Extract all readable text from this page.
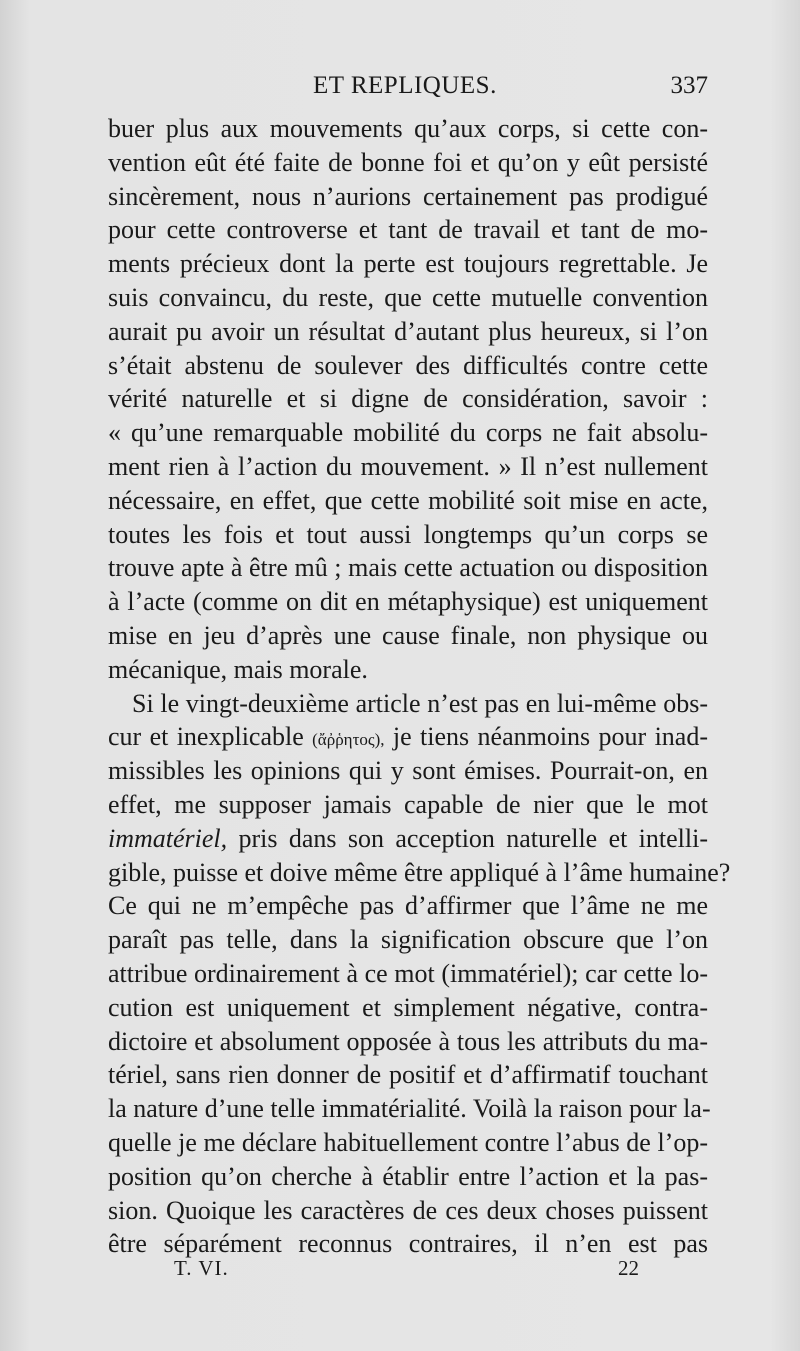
ET REPLIQUES.	337
buer plus aux mouvements qu’aux corps, si cette con-
vention eût été faite de bonne foi et qu’on y eût persisté
sincèrement, nous n’aurions certainement pas prodigué
pour cette controverse et tant de travail et tant de mo-
ments précieux dont la perte est toujours regrettable. Je
suis convaincu, du reste, que cette mutuelle convention
aurait pu avoir un résultat d’autant plus heureux, si l’on
s’était abstenu de soulever des difficultés contre cette
vérité naturelle et si digne de considération, savoir :
« qu’une remarquable mobilité du corps ne fait absolu-
ment rien à l’action du mouvement. » Il n’est nullement
nécessaire, en effet, que cette mobilité soit mise en acte,
toutes les fois et tout aussi longtemps qu’un corps se
trouve apte à être mû ; mais cette actuation ou disposition
à l’acte (comme on dit en métaphysique) est uniquement
mise en jeu d’après une cause finale, non physique ou
mécanique, mais morale.
Si le vingt-deuxième article n’est pas en lui-même obs-
cur et inexplicable (ἄῤῥητος), je tiens néanmoins pour inad-
missibles les opinions qui y sont émises. Pourrait-on, en
effet, me supposer jamais capable de nier que le mot
immatériel, pris dans son acception naturelle et intelli-
gible, puisse et doive même être appliqué à l’âme humaine?
Ce qui ne m’empêche pas d’affirmer que l’âme ne me
paraît pas telle, dans la signification obscure que l’on
attribue ordinairement à ce mot (immatériel); car cette lo-
cution est uniquement et simplement négative, contra-
dictoire et absolument opposée à tous les attributs du ma-
tériel, sans rien donner de positif et d’affirmatif touchant
la nature d’une telle immatérialité. Voilà la raison pour la-
quelle je me déclare habituellement contre l’abus de l’op-
position qu’on cherche à établir entre l’action et la pas-
sion. Quoique les caractères de ces deux choses puissent
être séparément reconnus contraires, il n’en est pas
T. VI.	22
